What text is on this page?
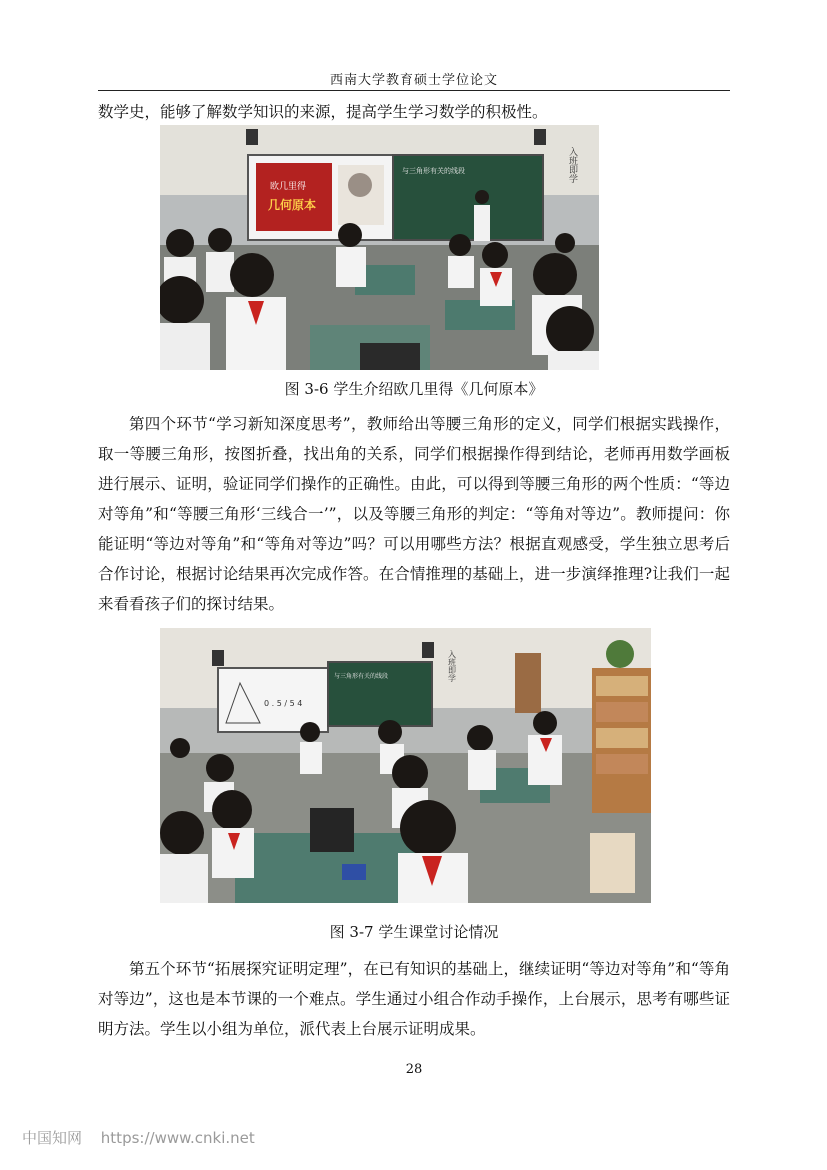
西南大学教育硕士学位论文

数学史，能够了解数学知识的来源，提高学生学习数学的积极性。

欧几里得
几何原本
与三角形有关的线段	入班即学
图 3-6 学生介绍欧几里得《几何原本》

第四个环节“学习新知深度思考”，教师给出等腰三角形的定义，同学们根据实践操作，取一等腰三角形，按图折叠，找出角的关系，同学们根据操作得到结论，老师再用数学画板进行展示、证明，验证同学们操作的正确性。由此，可以得到等腰三角形的两个性质：“等边对等角”和“等腰三角形‘三线合一’”，以及等腰三角形的判定：“等角对等边”。教师提问：你能证明“等边对等角”和“等角对等边”吗？可以用哪些方法？根据直观感受，学生独立思考后合作讨论，根据讨论结果再次完成作答。在合情推理的基础上，进一步演绎推理?让我们一起来看看孩子们的探讨结果。

0 . 5 / 5 4
与三角形有关的线段	入班即学
图 3-7 学生课堂讨论情况

第五个环节“拓展探究证明定理”，在已有知识的基础上，继续证明“等边对等角”和“等角对等边”，这也是本节课的一个难点。学生通过小组合作动手操作，上台展示，思考有哪些证明方法。学生以小组为单位，派代表上台展示证明成果。

28
中国知网 https://www.cnki.net
